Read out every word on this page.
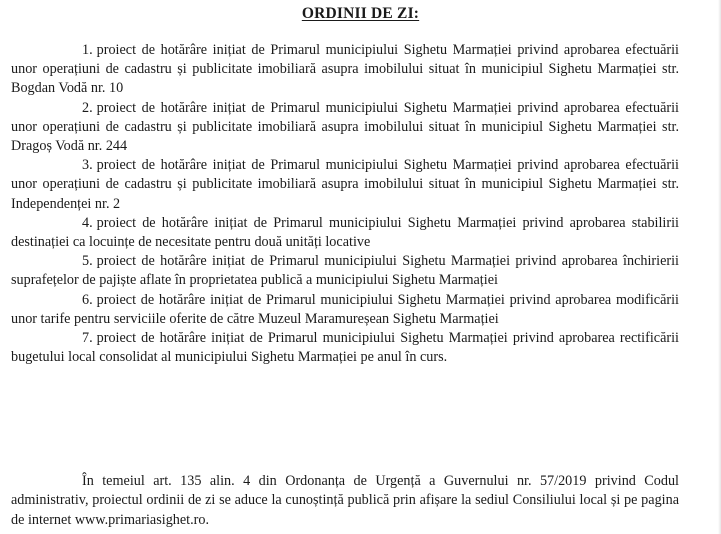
ORDINII DE ZI:

1. proiect de hotărâre inițiat de Primarul municipiului Sighetu Marmației privind aprobarea efectuării unor operațiuni de cadastru și publicitate imobiliară asupra imobilului situat în municipiul Sighetu Marmației str. Bogdan Vodă nr. 10

2. proiect de hotărâre inițiat de Primarul municipiului Sighetu Marmației privind aprobarea efectuării unor operațiuni de cadastru și publicitate imobiliară asupra imobilului situat în municipiul Sighetu Marmației str. Dragoș Vodă nr. 244

3. proiect de hotărâre inițiat de Primarul municipiului Sighetu Marmației privind aprobarea efectuării unor operațiuni de cadastru și publicitate imobiliară asupra imobilului situat în municipiul Sighetu Marmației str. Independenței nr. 2

4. proiect de hotărâre inițiat de Primarul municipiului Sighetu Marmației privind aprobarea stabilirii destinației ca locuințe de necesitate pentru două unități locative

5. proiect de hotărâre inițiat de Primarul municipiului Sighetu Marmației privind aprobarea închirierii suprafețelor de pajiște aflate în proprietatea publică a municipiului Sighetu Marmației

6. proiect de hotărâre inițiat de Primarul municipiului Sighetu Marmației privind aprobarea modificării unor tarife pentru serviciile oferite de către Muzeul Maramureșean Sighetu Marmației

7. proiect de hotărâre inițiat de Primarul municipiului Sighetu Marmației privind aprobarea rectificării bugetului local consolidat al municipiului Sighetu Marmației pe anul în curs.

În temeiul art. 135 alin. 4 din Ordonanța de Urgență a Guvernului nr. 57/2019 privind Codul administrativ, proiectul ordinii de zi se aduce la cunoștință publică prin afișare la sediul Consiliului local și pe pagina de internet www.primariasighet.ro.
